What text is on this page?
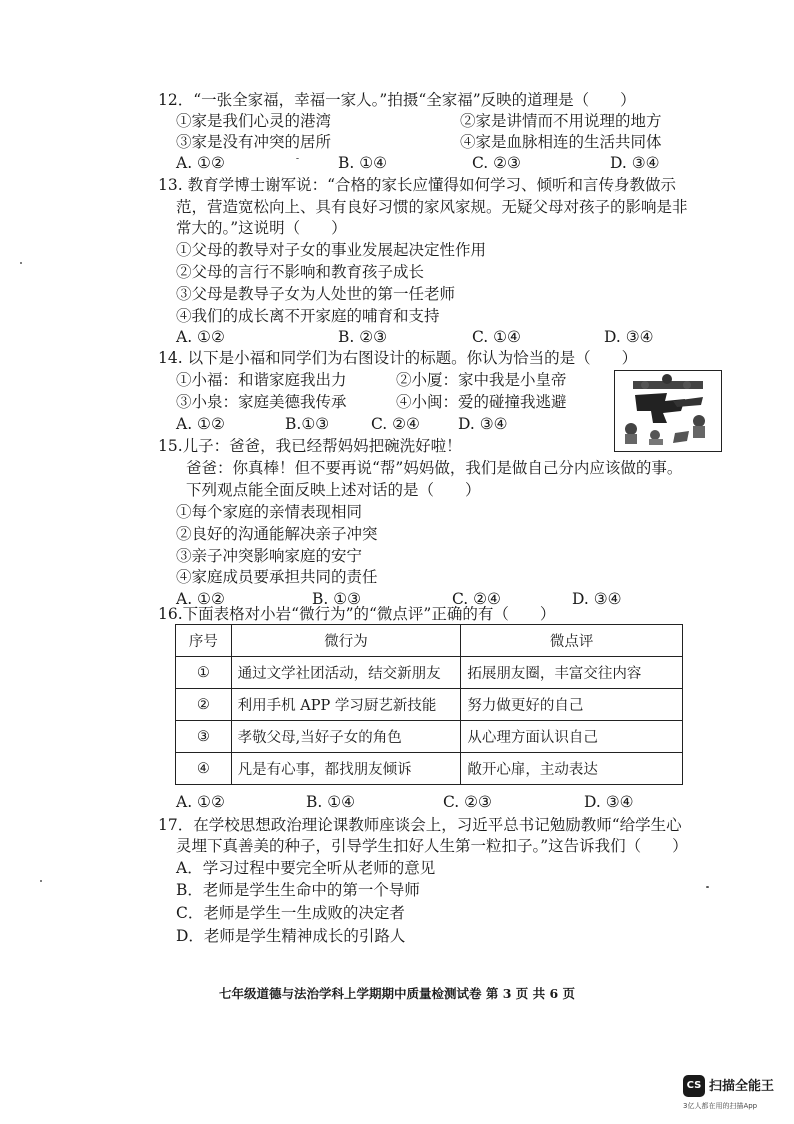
12．“一张全家福，幸福一家人。”拍摄“全家福”反映的道理是（　　）
①家是我们心灵的港湾	②家是讲情而不用说理的地方
③家是没有冲突的居所	④家是血脉相连的生活共同体
A. ①②	B. ①④	C. ②③	D. ③④
13. 教育学博士谢军说：“合格的家长应懂得如何学习、倾听和言传身教做示
范，营造宽松向上、具有良好习惯的家风家规。无疑父母对孩子的影响是非
常大的。”这说明（　　）
①父母的教导对子女的事业发展起决定性作用
②父母的言行不影响和教育孩子成长
③父母是教导子女为人处世的第一任老师
④我们的成长离不开家庭的哺育和支持
A. ①②	B. ②③	C. ①④	D. ③④
14. 以下是小福和同学们为右图设计的标题。你认为恰当的是（　　）
①小福：和谐家庭我出力	②小厦：家中我是小皇帝
③小泉：家庭美德我传承	④小闽：爱的碰撞我逃避
A. ①②	B.①③	C. ②④ D. ③④
15.儿子：爸爸，我已经帮妈妈把碗洗好啦！
爸爸：你真棒！但不要再说“帮”妈妈做，我们是做自己分内应该做的事。
下列观点能全面反映上述对话的是（　　）
①每个家庭的亲情表现相同
②良好的沟通能解决亲子冲突
③亲子冲突影响家庭的安宁
④家庭成员要承担共同的责任
A. ①②	B. ①③	C. ②④	D. ③④
16.下面表格对小岩“微行为”的“微点评”正确的有（　　）
序号	微行为	微点评
①	通过文学社团活动，结交新朋友	拓展朋友圈，丰富交往内容
②	利用手机 APP 学习厨艺新技能	努力做更好的自己
③	孝敬父母,当好子女的角色	从心理方面认识自己
④	凡是有心事，都找朋友倾诉	敞开心扉，主动表达
A. ①②	B. ①④	C. ②③	D. ③④
17．在学校思想政治理论课教师座谈会上，习近平总书记勉励教师“给学生心
灵埋下真善美的种子，引导学生扣好人生第一粒扣子。”这告诉我们（　　）
A．学习过程中要完全听从老师的意见
B．老师是学生生命中的第一个导师
C．老师是学生一生成败的决定者
D．老师是学生精神成长的引路人
七年级道德与法治学科上学期期中质量检测试卷 第 3 页 共 6 页
CS 扫描全能王
3亿人都在用的扫描App
